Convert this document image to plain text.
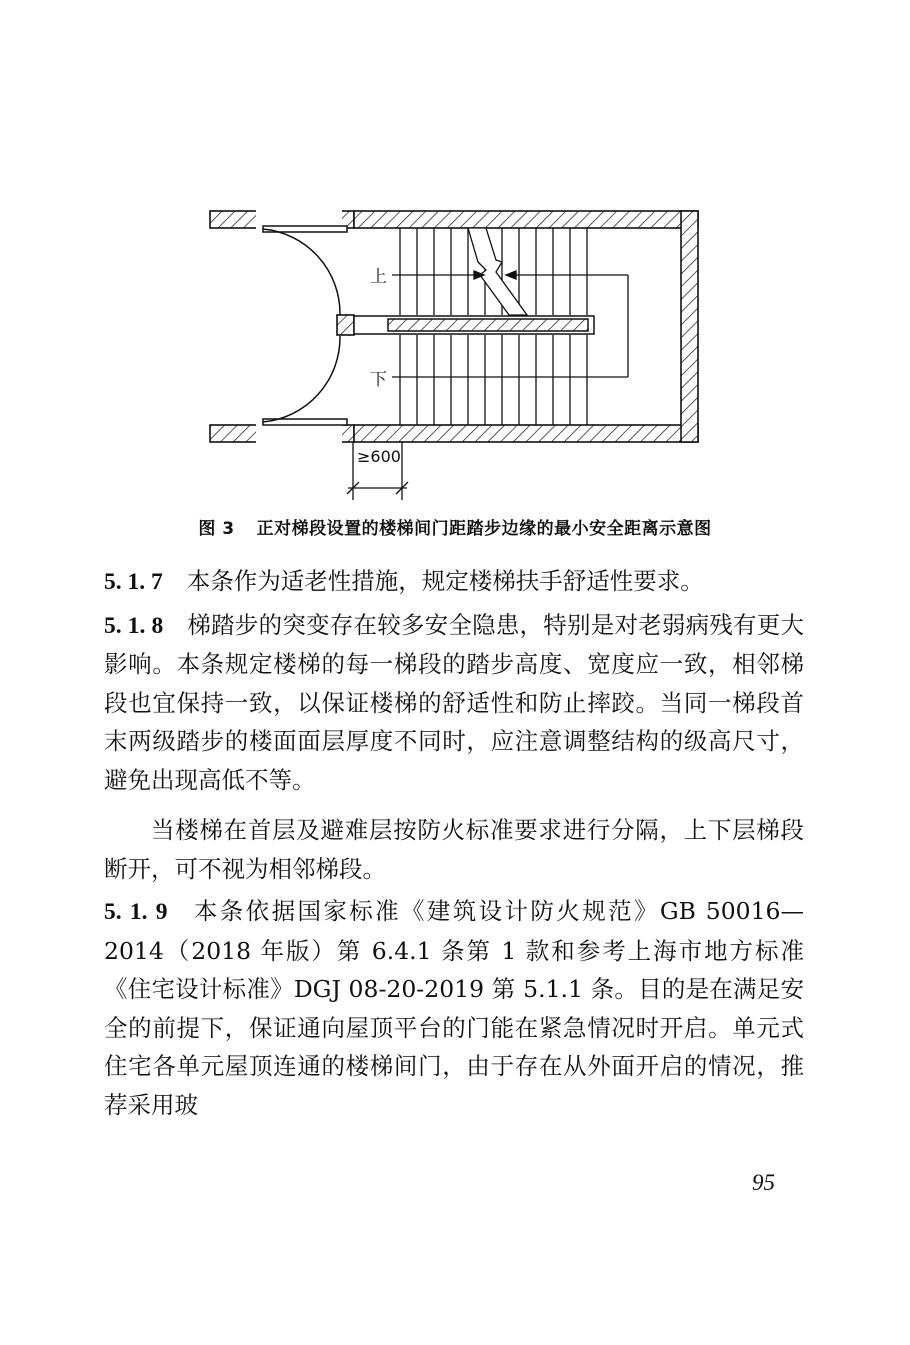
上
下
≥600
图 3 正对梯段设置的楼梯间门距踏步边缘的最小安全距离示意图

5. 1. 7 本条作为适老性措施，规定楼梯扶手舒适性要求。

5. 1. 8 梯踏步的突变存在较多安全隐患，特别是对老弱病残有更大影响。本条规定楼梯的每一梯段的踏步高度、宽度应一致，相邻梯段也宜保持一致，以保证楼梯的舒适性和防止摔跤。当同一梯段首末两级踏步的楼面面层厚度不同时，应注意调整结构的级高尺寸，避免出现高低不等。

当楼梯在首层及避难层按防火标准要求进行分隔，上下层梯段断开，可不视为相邻梯段。

5. 1. 9 本条依据国家标准《建筑设计防火规范》GB 50016—2014（2018 年版）第 6.4.1 条第 1 款和参考上海市地方标准《住宅设计标准》DGJ 08-20-2019 第 5.1.1 条。目的是在满足安全的前提下，保证通向屋顶平台的门能在紧急情况时开启。单元式住宅各单元屋顶连通的楼梯间门，由于存在从外面开启的情况，推荐采用玻

95
